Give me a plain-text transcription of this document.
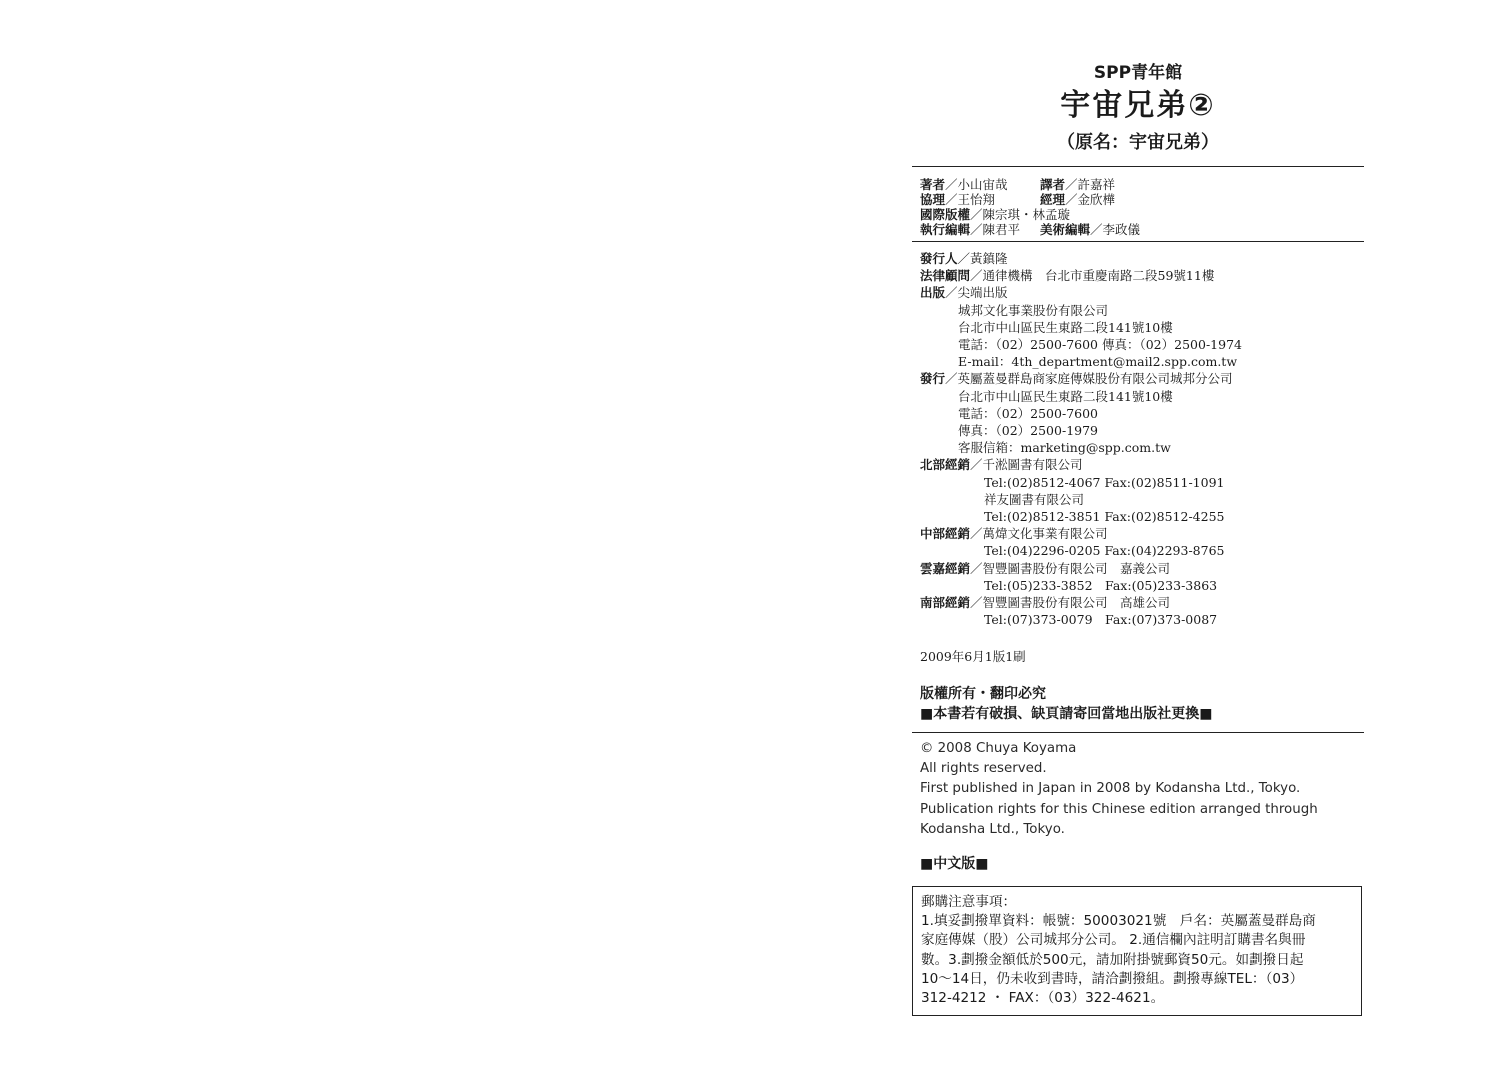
SPP青年館
宇宙兄弟②
（原名：宇宙兄弟）
著者／小山宙哉	譯者／許嘉祥
協理／王怡翔	經理／金欣樺
國際版權／陳宗琪・林孟璇
執行編輯／陳君平	美術編輯／李政儀
發行人／黃鎮隆
法律顧問／通律機構　台北市重慶南路二段59號11樓
出版／尖端出版
城邦文化事業股份有限公司
台北市中山區民生東路二段141號10樓
電話：（02）2500-7600 傳真：（02）2500-1974
E-mail：4th_department@mail2.spp.com.tw
發行／英屬蓋曼群島商家庭傳媒股份有限公司城邦分公司
台北市中山區民生東路二段141號10樓
電話：（02）2500-7600
傳真：（02）2500-1979
客服信箱：marketing@spp.com.tw
北部經銷／千淞圖書有限公司
Tel:(02)8512-4067 Fax:(02)8511-1091
祥友圖書有限公司
Tel:(02)8512-3851 Fax:(02)8512-4255
中部經銷／萬煒文化事業有限公司
Tel:(04)2296-0205 Fax:(04)2293-8765
雲嘉經銷／智豐圖書股份有限公司　嘉義公司
Tel:(05)233-3852　Fax:(05)233-3863
南部經銷／智豐圖書股份有限公司　高雄公司
Tel:(07)373-0079　Fax:(07)373-0087
2009年6月1版1刷
版權所有・翻印必究
■本書若有破損、缺頁請寄回當地出版社更換■
© 2008 Chuya Koyama
All rights reserved.
First published in Japan in 2008 by Kodansha Ltd., Tokyo.
Publication rights for this Chinese edition arranged through
Kodansha Ltd., Tokyo.
■中文版■
郵購注意事項：
1.填妥劃撥單資料：帳號：50003021號　戶名：英屬蓋曼群島商
家庭傳媒（股）公司城邦分公司。 2.通信欄內註明訂購書名與冊
數。3.劃撥金額低於500元，請加附掛號郵資50元。如劃撥日起
10～14日，仍未收到書時，請洽劃撥組。劃撥專線TEL：（03）
312-4212 ・ FAX：（03）322-4621。
